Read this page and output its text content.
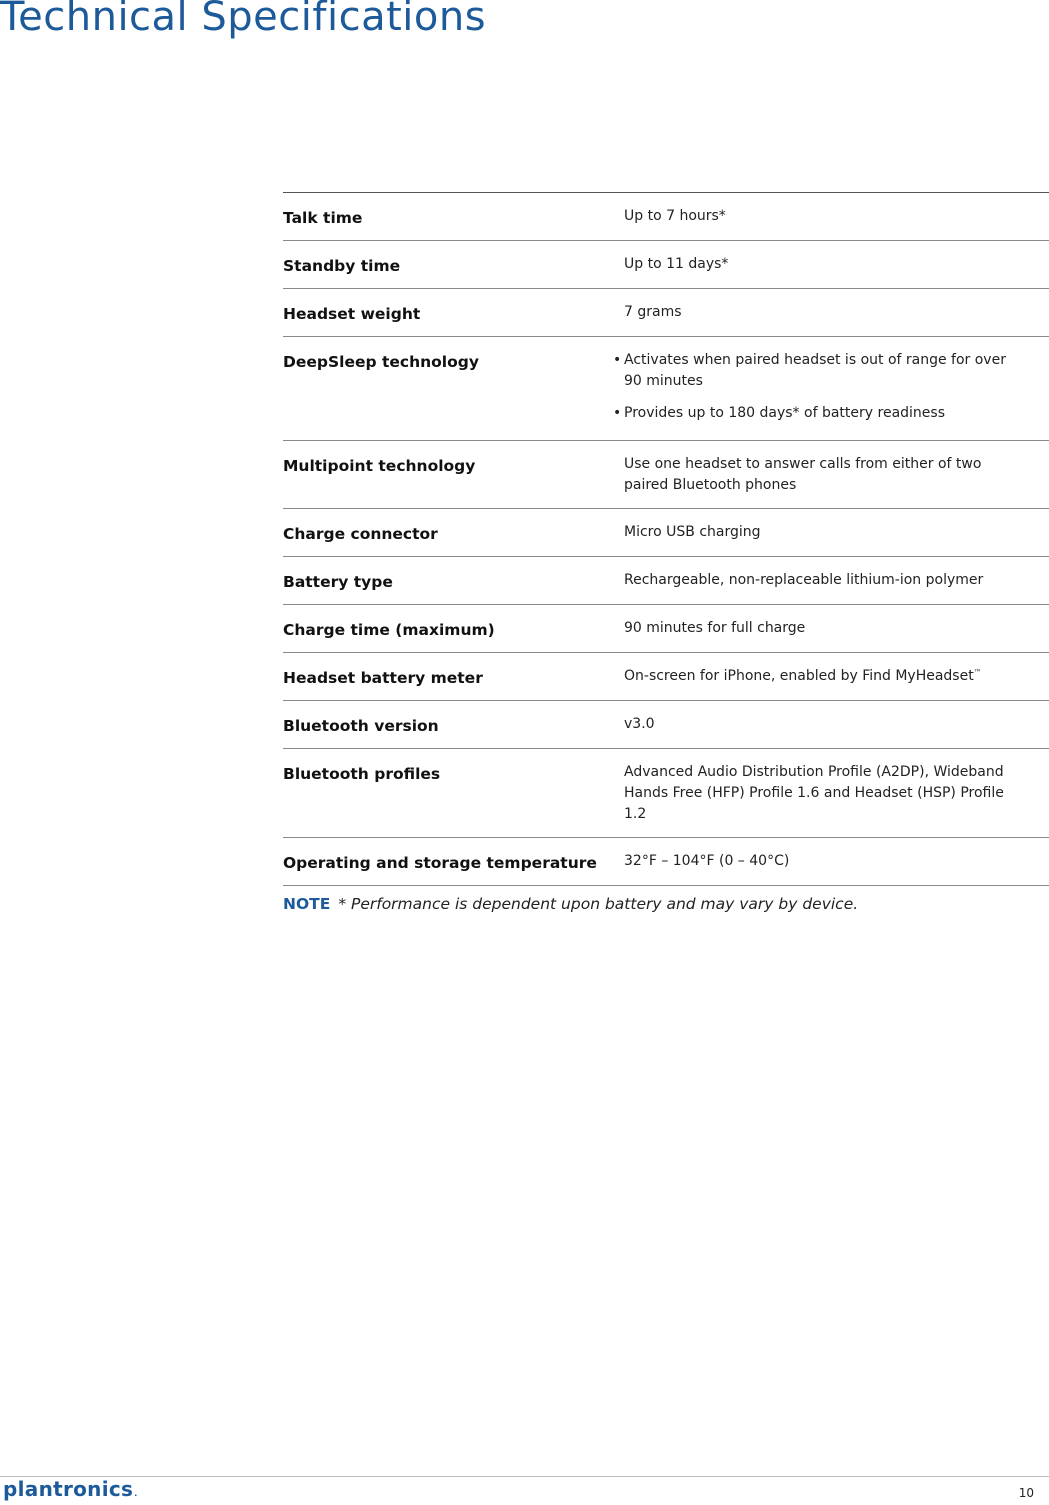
Technical Specifications
Talk time	Up to 7 hours*
Standby time	Up to 11 days*
Headset weight	7 grams
DeepSleep technology	• Activates when paired headset is out of range for over 90 minutes
• Provides up to 180 days* of battery readiness
Multipoint technology	Use one headset to answer calls from either of two paired Bluetooth phones
Charge connector	Micro USB charging
Battery type	Rechargeable, non-replaceable lithium-ion polymer
Charge time (maximum)	90 minutes for full charge
Headset battery meter	On-screen for iPhone, enabled by Find MyHeadset™
Bluetooth version	v3.0
Bluetooth profiles	Advanced Audio Distribution Profile (A2DP), Wideband Hands Free (HFP) Profile 1.6 and Headset (HSP) Profile 1.2
Operating and storage temperature	32°F – 104°F (0 – 40°C)
NOTE * Performance is dependent upon battery and may vary by device.
plantronics.	10
